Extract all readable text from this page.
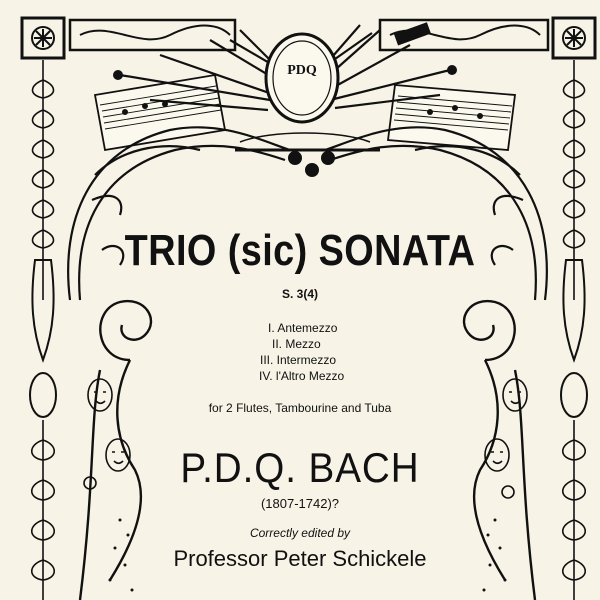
PDQ
TRIO (sic) SONATA
S. 3(4)
I. Antemezzo
II. Mezzo
III. Intermezzo
IV. l'Altro Mezzo
for 2 Flutes, Tambourine and Tuba
P.D.Q. BACH
(1807-1742)?
Correctly edited by
Professor Peter Schickele
